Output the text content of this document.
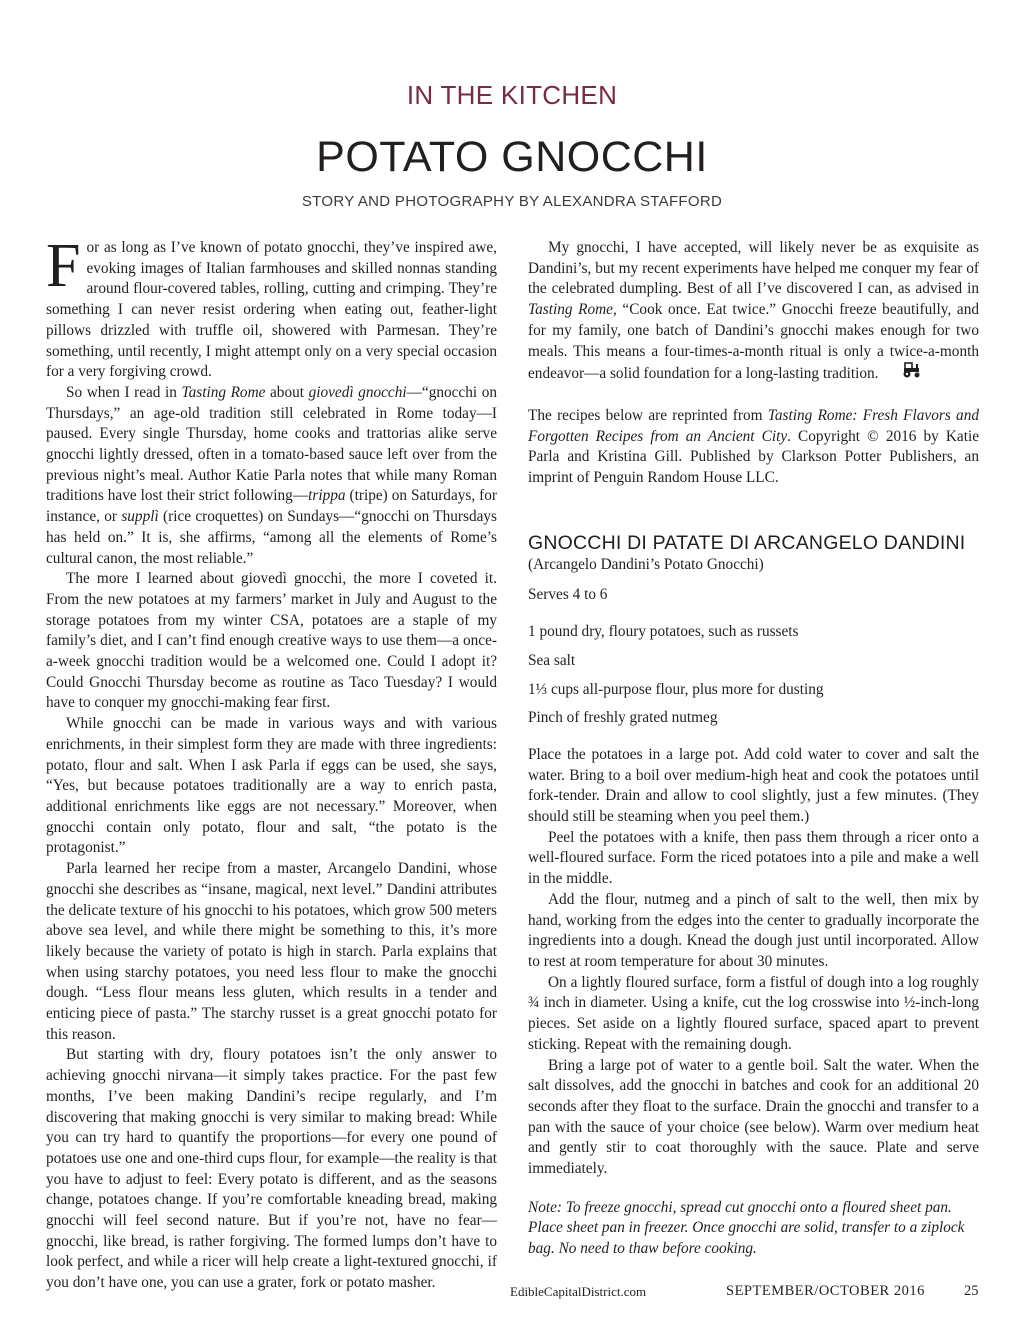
IN THE KITCHEN
POTATO GNOCCHI
STORY AND PHOTOGRAPHY BY ALEXANDRA STAFFORD

For as long as I’ve known of potato gnocchi, they’ve inspired awe, evoking images of Italian farmhouses and skilled nonnas standing around flour-covered tables, rolling, cutting and crimping. They’re something I can never resist ordering when eating out, feather-light pillows drizzled with truffle oil, showered with Parmesan. They’re something, until recently, I might attempt only on a very special occasion for a very forgiving crowd.

So when I read in Tasting Rome about giovedì gnocchi—“gnocchi on Thursdays,” an age-old tradition still celebrated in Rome today—I paused. Every single Thursday, home cooks and trattorias alike serve gnocchi lightly dressed, often in a tomato-based sauce left over from the previous night’s meal. Author Katie Parla notes that while many Roman traditions have lost their strict following—trippa (tripe) on Saturdays, for instance, or supplì (rice croquettes) on Sundays—“gnocchi on Thursdays has held on.” It is, she affirms, “among all the elements of Rome’s cultural canon, the most reliable.”

The more I learned about giovedì gnocchi, the more I coveted it. From the new potatoes at my farmers’ market in July and August to the storage potatoes from my winter CSA, potatoes are a staple of my family’s diet, and I can’t find enough creative ways to use them—a once-a-week gnocchi tradition would be a welcomed one. Could I adopt it? Could Gnocchi Thursday become as routine as Taco Tuesday? I would have to conquer my gnocchi-making fear first.

While gnocchi can be made in various ways and with various enrichments, in their simplest form they are made with three ingredients: potato, flour and salt. When I ask Parla if eggs can be used, she says, “Yes, but because potatoes traditionally are a way to enrich pasta, additional enrichments like eggs are not necessary.” Moreover, when gnocchi contain only potato, flour and salt, “the potato is the protagonist.”

Parla learned her recipe from a master, Arcangelo Dandini, whose gnocchi she describes as “insane, magical, next level.” Dandini attributes the delicate texture of his gnocchi to his potatoes, which grow 500 meters above sea level, and while there might be something to this, it’s more likely because the variety of potato is high in starch. Parla explains that when using starchy potatoes, you need less flour to make the gnocchi dough. “Less flour means less gluten, which results in a tender and enticing piece of pasta.” The starchy russet is a great gnocchi potato for this reason.

But starting with dry, floury potatoes isn’t the only answer to achieving gnocchi nirvana—it simply takes practice. For the past few months, I’ve been making Dandini’s recipe regularly, and I’m discovering that making gnocchi is very similar to making bread: While you can try hard to quantify the proportions—for every one pound of potatoes use one and one-third cups flour, for example—the reality is that you have to adjust to feel: Every potato is different, and as the seasons change, potatoes change. If you’re comfortable kneading bread, making gnocchi will feel second nature. But if you’re not, have no fear—gnocchi, like bread, is rather forgiving. The formed lumps don’t have to look perfect, and while a ricer will help create a light-textured gnocchi, if you don’t have one, you can use a grater, fork or potato masher.

My gnocchi, I have accepted, will likely never be as exquisite as Dandini’s, but my recent experiments have helped me conquer my fear of the celebrated dumpling. Best of all I’ve discovered I can, as advised in Tasting Rome, “Cook once. Eat twice.” Gnocchi freeze beautifully, and for my family, one batch of Dandini’s gnocchi makes enough for two meals. This means a four-times-a-month ritual is only a twice-a-month endeavor—a solid foundation for a long-lasting tradition.

The recipes below are reprinted from Tasting Rome: Fresh Flavors and Forgotten Recipes from an Ancient City. Copyright © 2016 by Katie Parla and Kristina Gill. Published by Clarkson Potter Publishers, an imprint of Penguin Random House LLC.

GNOCCHI DI PATATE DI ARCANGELO DANDINI

(Arcangelo Dandini’s Potato Gnocchi)

Serves 4 to 6

1 pound dry, floury potatoes, such as russets

Sea salt

1⅓ cups all-purpose flour, plus more for dusting

Pinch of freshly grated nutmeg

Place the potatoes in a large pot. Add cold water to cover and salt the water. Bring to a boil over medium-high heat and cook the potatoes until fork-tender. Drain and allow to cool slightly, just a few minutes. (They should still be steaming when you peel them.)

Peel the potatoes with a knife, then pass them through a ricer onto a well-floured surface. Form the riced potatoes into a pile and make a well in the middle.

Add the flour, nutmeg and a pinch of salt to the well, then mix by hand, working from the edges into the center to gradually incorporate the ingredients into a dough. Knead the dough just until incorporated. Allow to rest at room temperature for about 30 minutes.

On a lightly floured surface, form a fistful of dough into a log roughly ¾ inch in diameter. Using a knife, cut the log crosswise into ½-inch-long pieces. Set aside on a lightly floured surface, spaced apart to prevent sticking. Repeat with the remaining dough.

Bring a large pot of water to a gentle boil. Salt the water. When the salt dissolves, add the gnocchi in batches and cook for an additional 20 seconds after they float to the surface. Drain the gnocchi and transfer to a pan with the sauce of your choice (see below). Warm over medium heat and gently stir to coat thoroughly with the sauce. Plate and serve immediately.

Note: To freeze gnocchi, spread cut gnocchi onto a floured sheet pan. Place sheet pan in freezer. Once gnocchi are solid, transfer to a ziplock bag. No need to thaw before cooking.

EdibleCapitalDistrict.com	SEPTEMBER/OCTOBER 2016	25
